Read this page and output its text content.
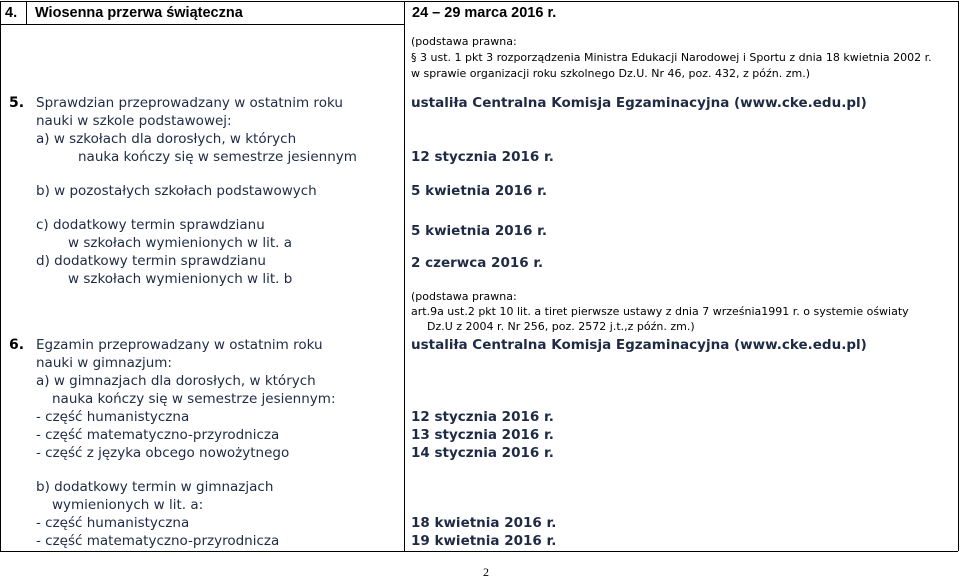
4. Wiosenna przerwa świąteczna	24 – 29 marca 2016 r.
(podstawa prawna:
§ 3 ust. 1 pkt 3 rozporządzenia Ministra Edukacji Narodowej i Sportu z dnia 18 kwietnia 2002 r.
w sprawie organizacji roku szkolnego Dz.U. Nr 46, poz. 432, z późn. zm.)
5. Sprawdzian przeprowadzany w ostatnim roku
nauki w szkole podstawowej:
a) w szkołach dla dorosłych, w których
nauka kończy się w semestrze jesiennym
b) w pozostałych szkołach podstawowych
c) dodatkowy termin sprawdzianu
w szkołach wymienionych w lit. a
d) dodatkowy termin sprawdzianu
w szkołach wymienionych w lit. b
ustaliła Centralna Komisja Egzaminacyjna (www.cke.edu.pl)
12 stycznia 2016 r.
5 kwietnia 2016 r.
5 kwietnia 2016 r.
2 czerwca 2016 r.
(podstawa prawna:
art.9a ust.2 pkt 10 lit. a tiret pierwsze ustawy z dnia 7 września1991 r. o systemie oświaty
Dz.U z 2004 r. Nr 256, poz. 2572 j.t.,z późn. zm.)
6. Egzamin przeprowadzany w ostatnim roku
nauki w gimnazjum:
a) w gimnazjach dla dorosłych, w których
nauka kończy się w semestrze jesiennym:
- część humanistyczna
- część matematyczno-przyrodnicza
- część z języka obcego nowożytnego
b) dodatkowy termin w gimnazjach
wymienionych w lit. a:
- część humanistyczna
- część matematyczno-przyrodnicza
ustaliła Centralna Komisja Egzaminacyjna (www.cke.edu.pl)
12 stycznia 2016 r.
13 stycznia 2016 r.
14 stycznia 2016 r.
18 kwietnia 2016 r.
19 kwietnia 2016 r.
2
